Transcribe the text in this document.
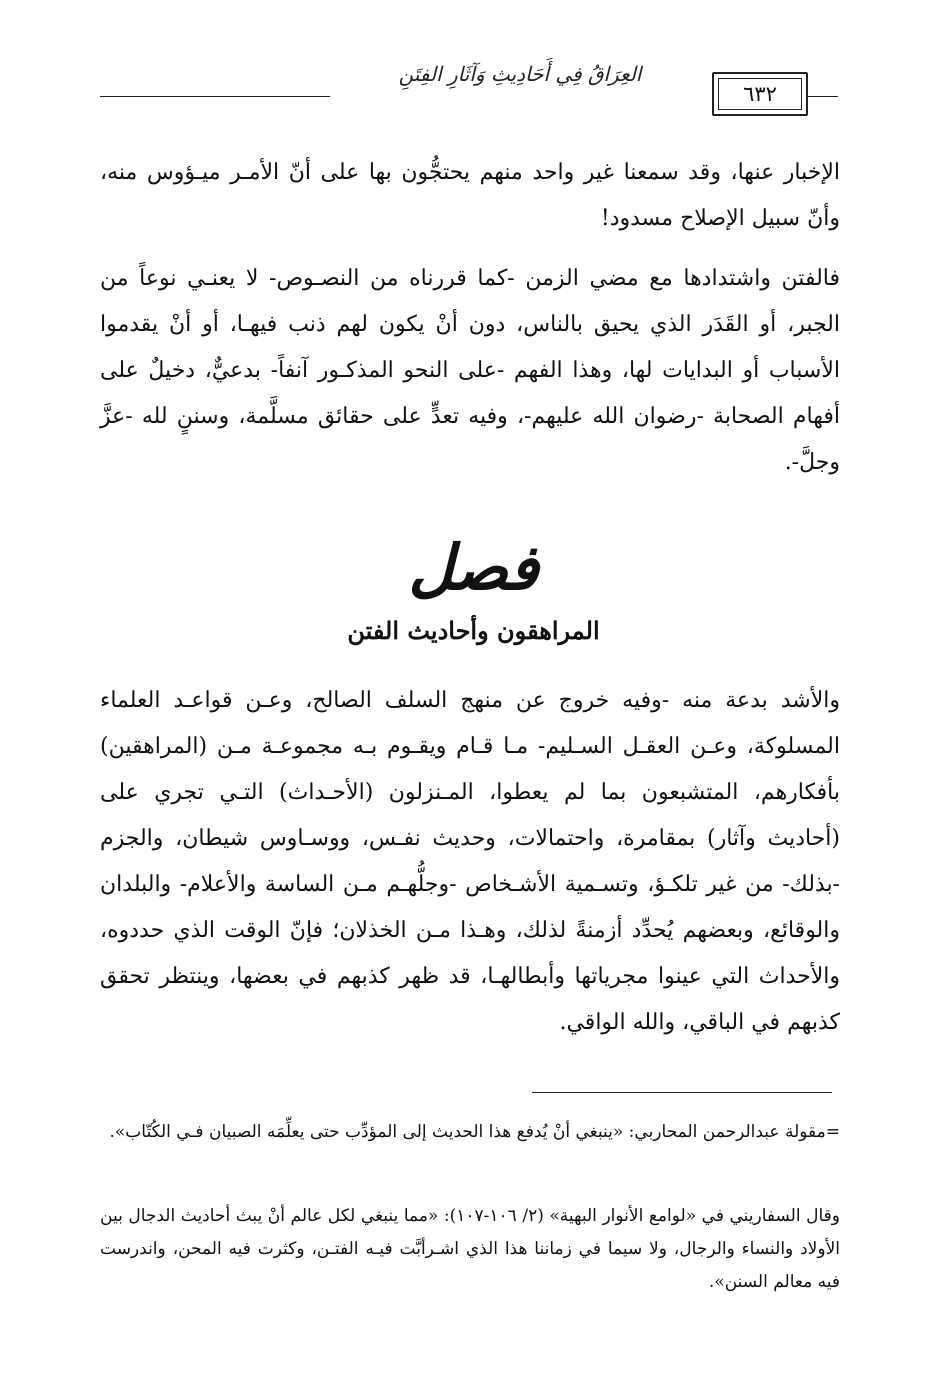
العِرَاقُ فِي أَحَادِيثِ وَآثَارِ الفِتَنِ
٦٣٢

الإخبار عنها، وقد سمعنا غير واحد منهم يحتجُّون بها على أنّ الأمـر ميـؤوس منه، وأنّ سبيل الإصلاح مسدود!

فالفتن واشتدادها مع مضي الزمن -كما قررناه من النصـوص- لا يعنـي نوعاً من الجبر، أو القَدَر الذي يحيق بالناس، دون أنْ يكون لهم ذنب فيهـا، أو أنْ يقدموا الأسباب أو البدايات لها، وهذا الفهم -على النحو المذكـور آنفاً- بدعيٌّ، دخيلٌ على أفهام الصحابة -رضوان الله عليهم-، وفيه تعدٍّ على حقائق مسلَّمة، وسننٍ لله -عزَّ وجلَّ-.

فصل
المراهقون وأحاديث الفتن

والأشد بدعة منه -وفيه خروج عن منهج السلف الصالح، وعـن قواعـد العلماء المسلوكة، وعـن العقـل السـليم- مـا قـام ويقـوم بـه مجموعـة مـن (المراهقين) بأفكارهم، المتشبعون بما لم يعطوا، المـنزلون (الأحـداث) التـي تجري على (أحاديث وآثار) بمقامرة، واحتمالات، وحديث نفـس، ووسـاوس شيطان، والجزم -بذلك- من غير تلكـؤ، وتسـمية الأشـخاص -وجلُّهـم مـن الساسة والأعلام- والبلدان والوقائع، وبعضهم يُحدِّد أزمنةً لذلك، وهـذا مـن الخذلان؛ فإنّ الوقت الذي حددوه، والأحداث التي عينوا مجرياتها وأبطالهـا، قد ظهر كذبهم في بعضها، وينتظر تحقق كذبهم في الباقي، والله الواقي.

=مقولة عبدالرحمن المحاربي: «ينبغي أنْ يُدفع هذا الحديث إلى المؤدِّب حتى يعلِّمَه الصبيان فـي الكُتّاب».

وقال السفاريني في «لوامع الأنوار البهية» (٢/ ١٠٦-١٠٧): «مما ينبغي لكل عالم أنْ يبث أحاديث الدجال بين الأولاد والنساء والرجال، ولا سيما في زماننا هذا الذي اشـرأبَّت فيـه الفتـن، وكثرت فيه المحن، واندرست فيه معالم السنن».
